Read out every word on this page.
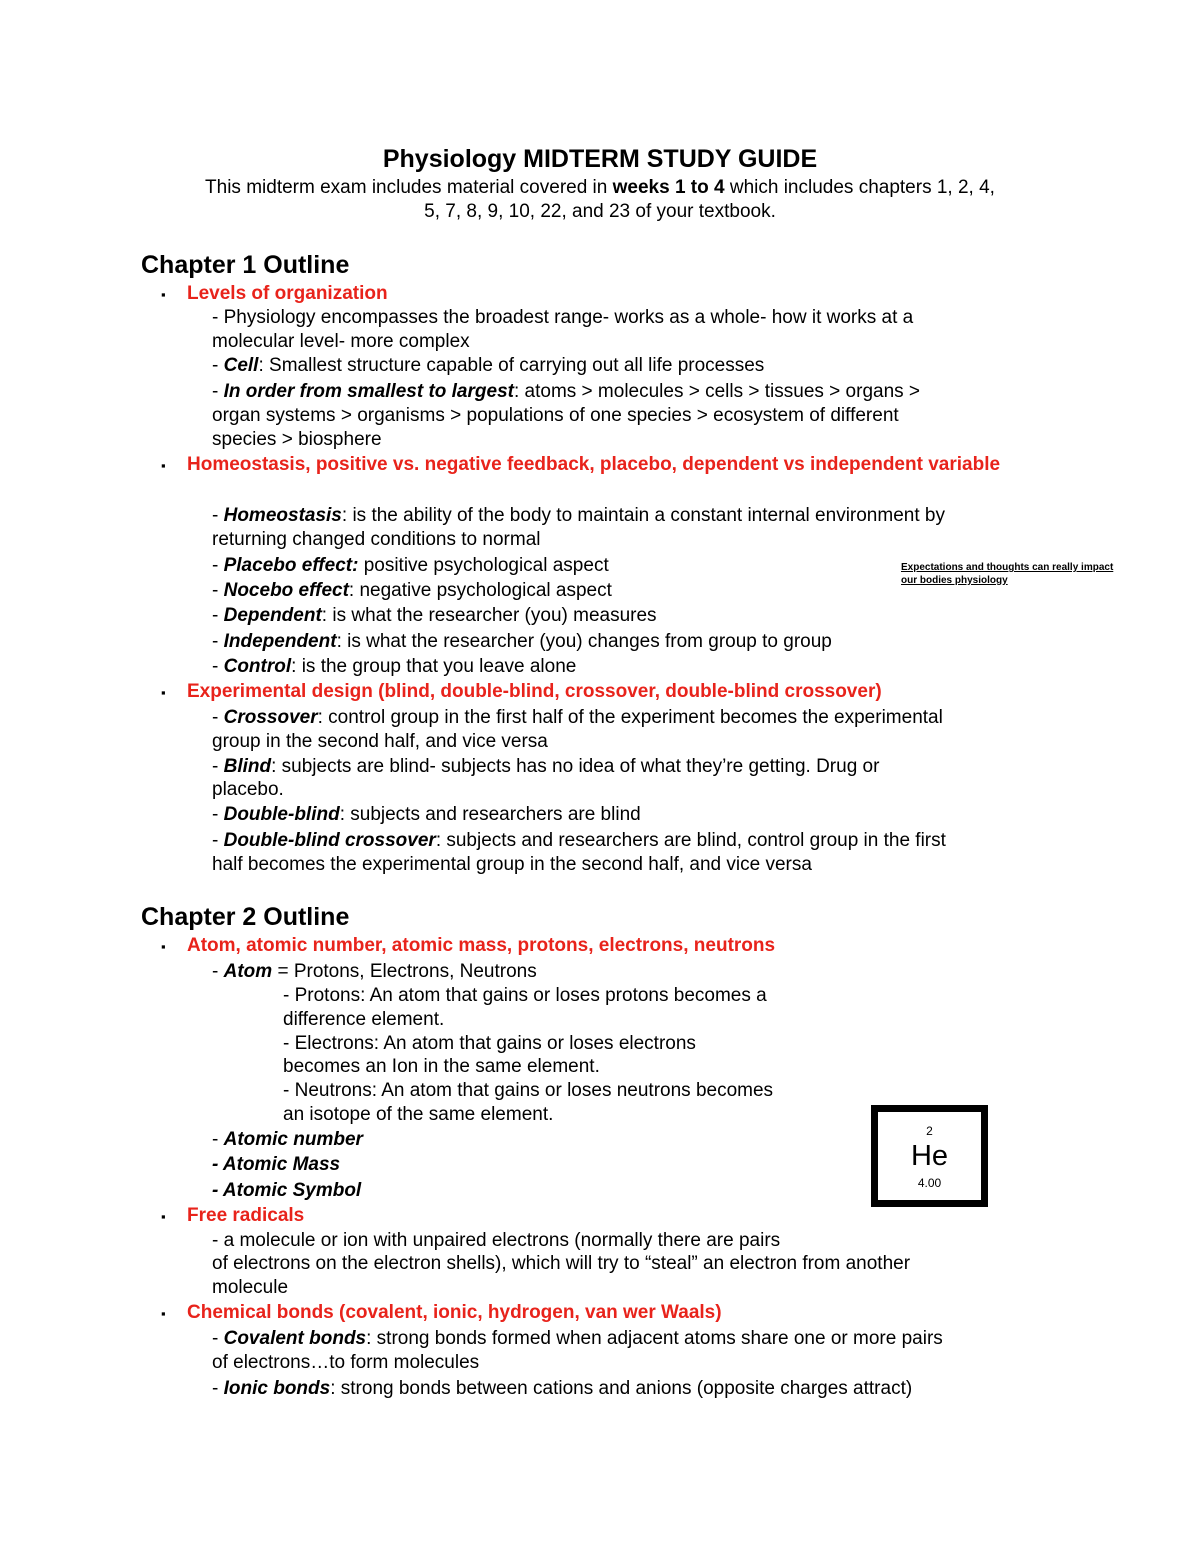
Physiology MIDTERM STUDY GUIDE
This midterm exam includes material covered in weeks 1 to 4 which includes chapters 1, 2, 4,
5, 7, 8, 9, 10, 22, and 23 of your textbook.
Chapter 1 Outline
▪ Levels of organization
- Physiology encompasses the broadest range- works as a whole- how it works at a
molecular level- more complex
- Cell: Smallest structure capable of carrying out all life processes
- In order from smallest to largest: atoms > molecules > cells > tissues > organs >
organ systems > organisms > populations of one species > ecosystem of different
species > biosphere
▪ Homeostasis, positive vs. negative feedback, placebo, dependent vs independent variable
- Homeostasis: is the ability of the body to maintain a constant internal environment by
returning changed conditions to normal
- Placebo effect: positive psychological aspect
- Nocebo effect: negative psychological aspect
- Dependent: is what the researcher (you) measures
- Independent: is what the researcher (you) changes from group to group
- Control: is the group that you leave alone
Expectations and thoughts can really impact our bodies physiology
▪ Experimental design (blind, double-blind, crossover, double-blind crossover)
- Crossover: control group in the first half of the experiment becomes the experimental
group in the second half, and vice versa
- Blind: subjects are blind- subjects has no idea of what they’re getting. Drug or
placebo.
- Double-blind: subjects and researchers are blind
- Double-blind crossover: subjects and researchers are blind, control group in the first
half becomes the experimental group in the second half, and vice versa
Chapter 2 Outline
▪ Atom, atomic number, atomic mass, protons, electrons, neutrons
- Atom = Protons, Electrons, Neutrons
- Protons: An atom that gains or loses protons becomes a
difference element.
- Electrons: An atom that gains or loses electrons
becomes an Ion in the same element.
- Neutrons: An atom that gains or loses neutrons becomes
an isotope of the same element.
- Atomic number
- Atomic Mass
- Atomic Symbol
2
He
4.00
▪ Free radicals
- a molecule or ion with unpaired electrons (normally there are pairs
of electrons on the electron shells), which will try to “steal” an electron from another
molecule
▪ Chemical bonds (covalent, ionic, hydrogen, van wer Waals)
- Covalent bonds: strong bonds formed when adjacent atoms share one or more pairs
of electrons…to form molecules
- Ionic bonds: strong bonds between cations and anions (opposite charges attract)
